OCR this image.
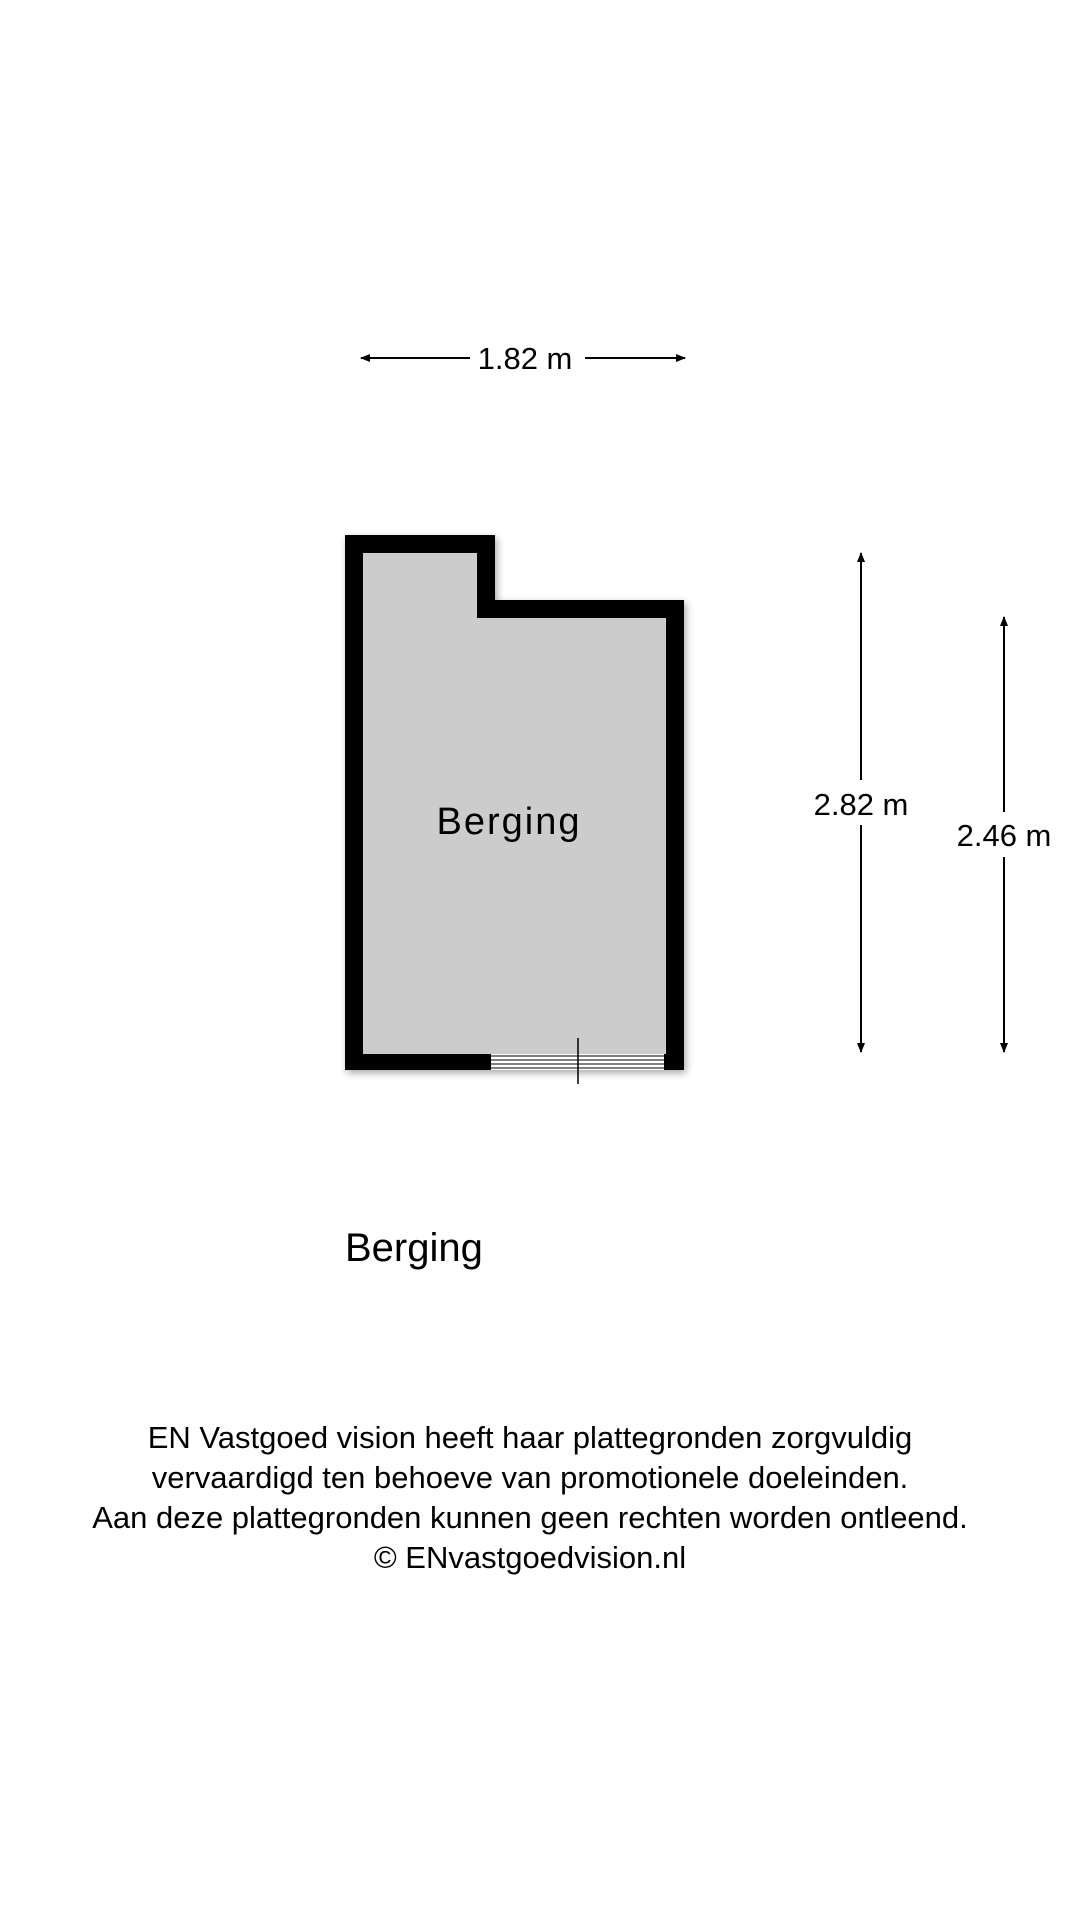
1.82 m
Berging	2.82 m
2.46 m
Berging
EN Vastgoed vision heeft haar plattegronden zorgvuldig
vervaardigd ten behoeve van promotionele doeleinden.
Aan deze plattegronden kunnen geen rechten worden ontleend.
© ENvastgoedvision.nl
